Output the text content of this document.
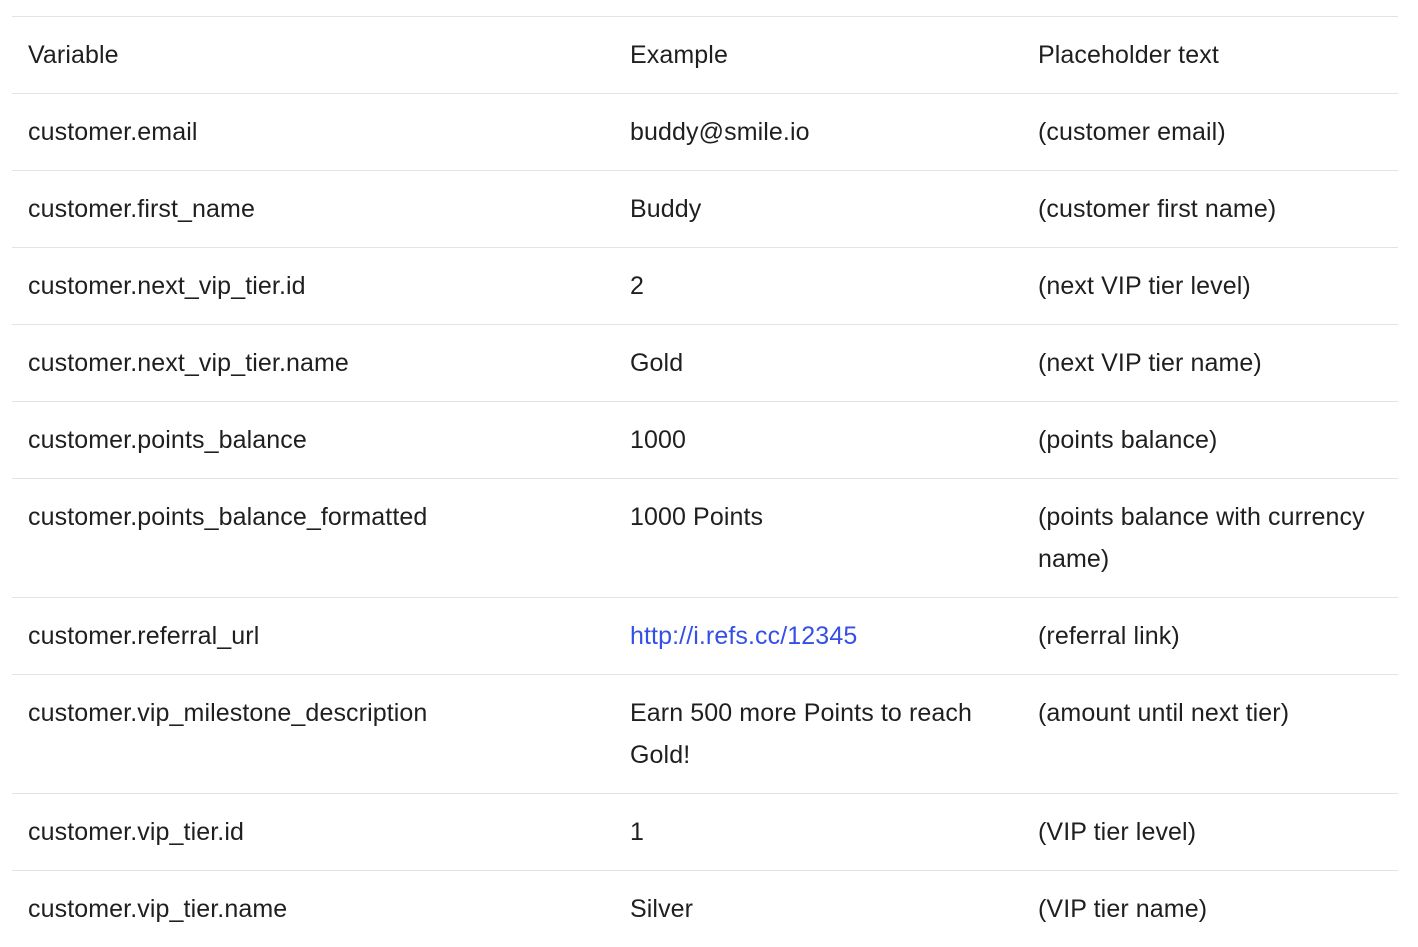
Variable	Example	Placeholder text
customer.email	buddy@smile.io	(customer email)
customer.first_name	Buddy	(customer first name)
customer.next_vip_tier.id	2	(next VIP tier level)
customer.next_vip_tier.name	Gold	(next VIP tier name)
customer.points_balance	1000	(points balance)
customer.points_balance_formatted	1000 Points	(points balance with currency name)
customer.referral_url	http://i.refs.cc/12345	(referral link)
customer.vip_milestone_description	Earn 500 more Points to reach Gold!	(amount until next tier)
customer.vip_tier.id	1	(VIP tier level)
customer.vip_tier.name	Silver	(VIP tier name)
